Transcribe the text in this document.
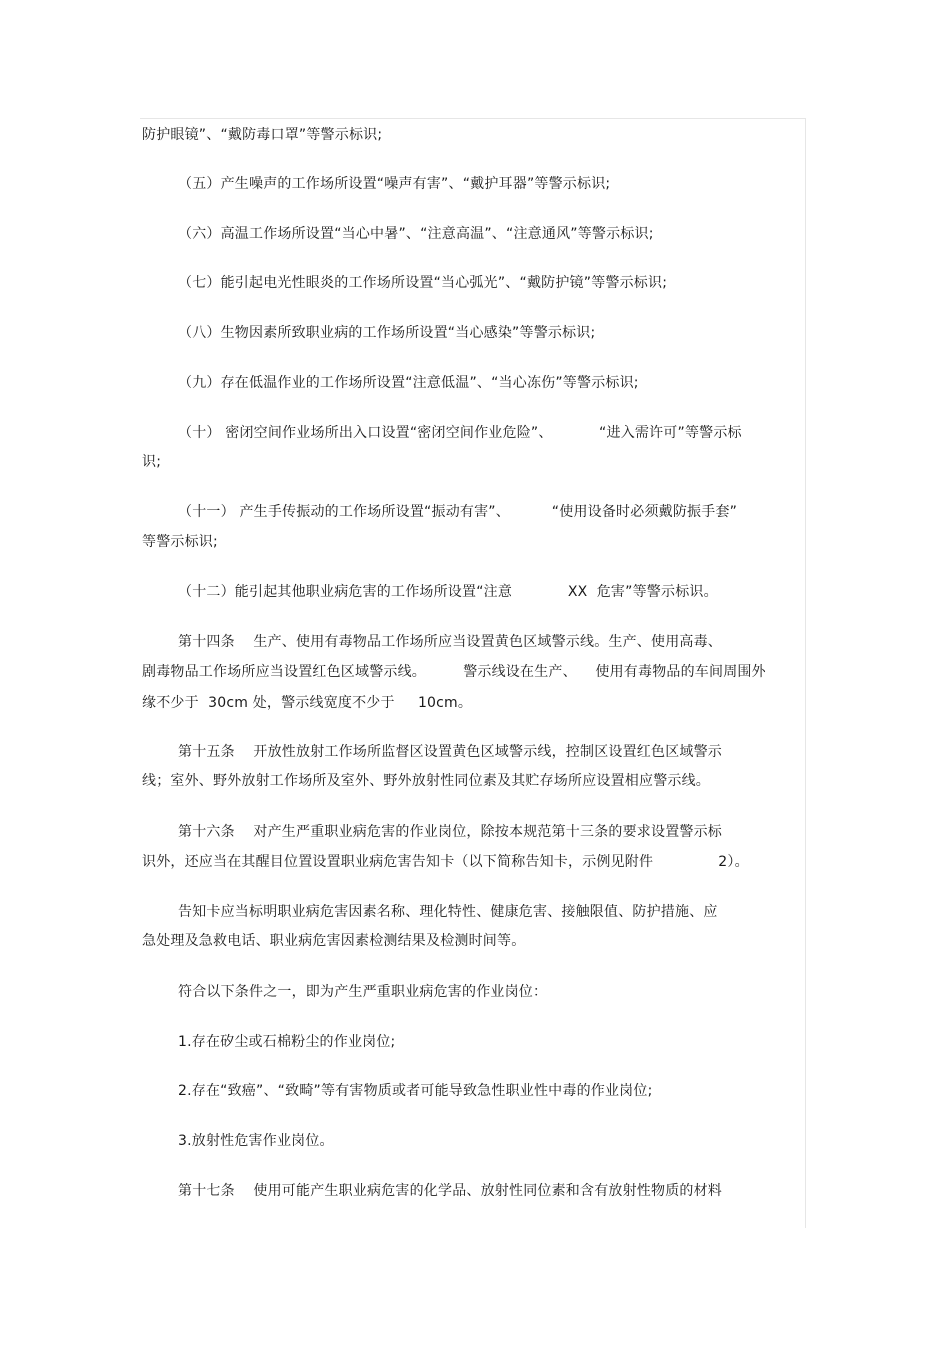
防护眼镜”、“戴防毒口罩”等警示标识;
（五）产生噪声的工作场所设置“噪声有害”、“戴护耳器”等警示标识;
（六）高温工作场所设置“当心中暑”、“注意高温”、“注意通风”等警示标识;
（七）能引起电光性眼炎的工作场所设置“当心弧光”、“戴防护镜”等警示标识;
（八）生物因素所致职业病的工作场所设置“当心感染”等警示标识;
（九）存在低温作业的工作场所设置“注意低温”、“当心冻伤”等警示标识;
（十） 密闭空间作业场所出入口设置“密闭空间作业危险”、          “进入需许可”等警示标
识;
（十一） 产生手传振动的工作场所设置“振动有害”、         “使用设备时必须戴防振手套”
等警示标识;
（十二）能引起其他职业病危害的工作场所设置“注意            XX  危害”等警示标识。
第十四条    生产、使用有毒物品工作场所应当设置黄色区域警示线。生产、使用高毒、
剧毒物品工作场所应当设置红色区域警示线。        警示线设在生产、    使用有毒物品的车间周围外
缘不少于  30cm 处，警示线宽度不少于     10cm。
第十五条    开放性放射工作场所监督区设置黄色区域警示线，控制区设置红色区域警示
线；室外、野外放射工作场所及室外、野外放射性同位素及其贮存场所应设置相应警示线。
第十六条    对产生严重职业病危害的作业岗位，除按本规范第十三条的要求设置警示标
识外，还应当在其醒目位置设置职业病危害告知卡（以下简称告知卡，示例见附件              2）。
告知卡应当标明职业病危害因素名称、理化特性、健康危害、接触限值、防护措施、应
急处理及急救电话、职业病危害因素检测结果及检测时间等。
符合以下条件之一，即为产生严重职业病危害的作业岗位：
1.存在矽尘或石棉粉尘的作业岗位;
2.存在“致癌”、“致畸”等有害物质或者可能导致急性职业性中毒的作业岗位;
3.放射性危害作业岗位。
第十七条    使用可能产生职业病危害的化学品、放射性同位素和含有放射性物质的材料
